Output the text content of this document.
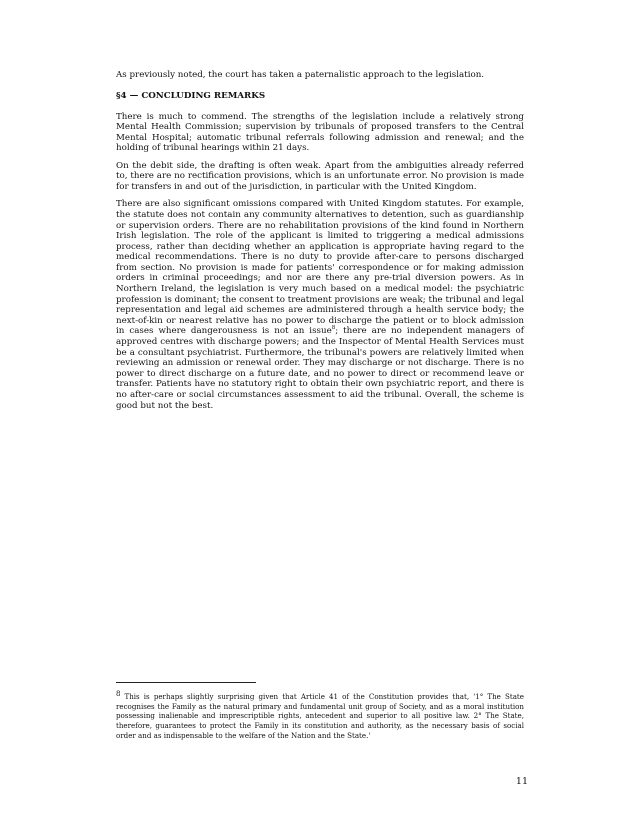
As previously noted, the court has taken a paternalistic approach to the legislation.

§4 — CONCLUDING REMARKS

There is much to commend. The strengths of the legislation include a relatively strong Mental Health Commission; supervision by tribunals of proposed transfers to the Central Mental Hospital; automatic tribunal referrals following admission and renewal; and the holding of tribunal hearings within 21 days.

On the debit side, the drafting is often weak. Apart from the ambiguities already referred to, there are no rectification provisions, which is an unfortunate error. No provision is made for transfers in and out of the jurisdiction, in particular with the United Kingdom.

There are also significant omissions compared with United Kingdom statutes. For example, the statute does not contain any community alternatives to detention, such as guardianship or supervision orders. There are no rehabilitation provisions of the kind found in Northern Irish legislation. The role of the applicant is limited to triggering a medical admissions process, rather than deciding whether an application is appropriate having regard to the medical recommendations. There is no duty to provide after-care to persons discharged from section. No provision is made for patients' correspondence or for making admission orders in criminal proceedings; and nor are there any pre-trial diversion powers. As in Northern Ireland, the legislation is very much based on a medical model: the psychiatric profession is dominant; the consent to treatment provisions are weak; the tribunal and legal representation and legal aid schemes are administered through a health service body; the next-of-kin or nearest relative has no power to discharge the patient or to block admission in cases where dangerousness is not an issue$^8$; there are no independent managers of approved centres with discharge powers; and the Inspector of Mental Health Services must be a consultant psychiatrist. Furthermore, the tribunal's powers are relatively limited when reviewing an admission or renewal order. They may discharge or not discharge. There is no power to direct discharge on a future date, and no power to direct or recommend leave or transfer. Patients have no statutory right to obtain their own psychiatric report, and there is no after-care or social circumstances assessment to aid the tribunal. Overall, the scheme is good but not the best.

$^8$ This is perhaps slightly surprising given that Article 41 of the Constitution provides that, '1° The State recognises the Family as the natural primary and fundamental unit group of Society, and as a moral institution possessing inalienable and imprescriptible rights, antecedent and superior to all positive law. 2° The State, therefore, guarantees to protect the Family in its constitution and authority, as the necessary basis of social order and as indispensable to the welfare of the Nation and the State.'
11
